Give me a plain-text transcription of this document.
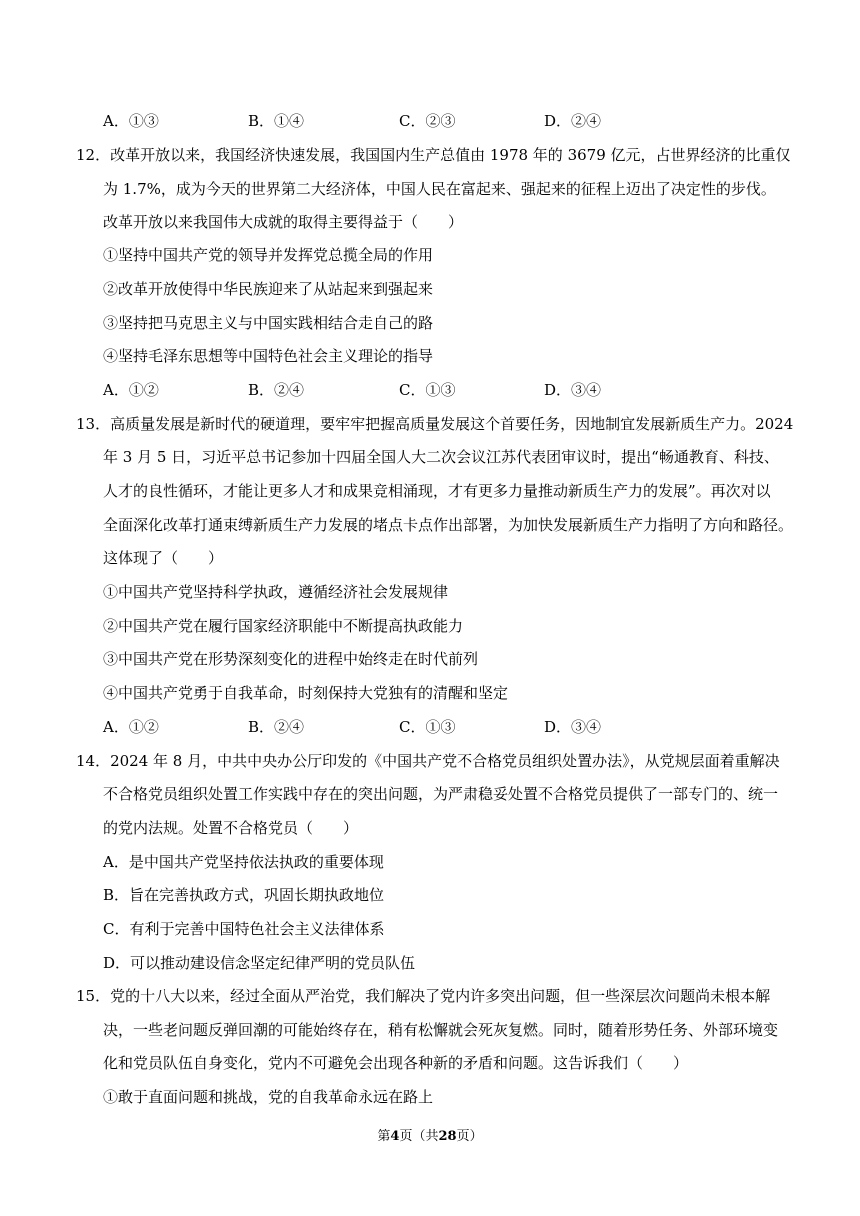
A．①③	B．①④	C．②③	D．②④
12．改革开放以来，我国经济快速发展，我国国内生产总值由 1978 年的 3679 亿元，占世界经济的比重仅
为 1.7%，成为今天的世界第二大经济体，中国人民在富起来、强起来的征程上迈出了决定性的步伐。
改革开放以来我国伟大成就的取得主要得益于（　　）
①坚持中国共产党的领导并发挥党总揽全局的作用
②改革开放使得中华民族迎来了从站起来到强起来
③坚持把马克思主义与中国实践相结合走自己的路
④坚持毛泽东思想等中国特色社会主义理论的指导
A．①②	B．②④	C．①③	D．③④
13．高质量发展是新时代的硬道理，要牢牢把握高质量发展这个首要任务，因地制宜发展新质生产力。2024
年 3 月 5 日，习近平总书记参加十四届全国人大二次会议江苏代表团审议时，提出“畅通教育、科技、
人才的良性循环，才能让更多人才和成果竞相涌现，才有更多力量推动新质生产力的发展”。再次对以
全面深化改革打通束缚新质生产力发展的堵点卡点作出部署，为加快发展新质生产力指明了方向和路径。
这体现了（　　）
①中国共产党坚持科学执政，遵循经济社会发展规律
②中国共产党在履行国家经济职能中不断提高执政能力
③中国共产党在形势深刻变化的进程中始终走在时代前列
④中国共产党勇于自我革命，时刻保持大党独有的清醒和坚定
A．①②	B．②④	C．①③	D．③④
14．2024 年 8 月，中共中央办公厅印发的《中国共产党不合格党员组织处置办法》，从党规层面着重解决
不合格党员组织处置工作实践中存在的突出问题，为严肃稳妥处置不合格党员提供了一部专门的、统一
的党内法规。处置不合格党员（　　）
A．是中国共产党坚持依法执政的重要体现
B．旨在完善执政方式，巩固长期执政地位
C．有利于完善中国特色社会主义法律体系
D．可以推动建设信念坚定纪律严明的党员队伍
15．党的十八大以来，经过全面从严治党，我们解决了党内许多突出问题，但一些深层次问题尚未根本解
决，一些老问题反弹回潮的可能始终存在，稍有松懈就会死灰复燃。同时，随着形势任务、外部环境变
化和党员队伍自身变化，党内不可避免会出现各种新的矛盾和问题。这告诉我们（　　）
①敢于直面问题和挑战，党的自我革命永远在路上
第4页（共28页）
